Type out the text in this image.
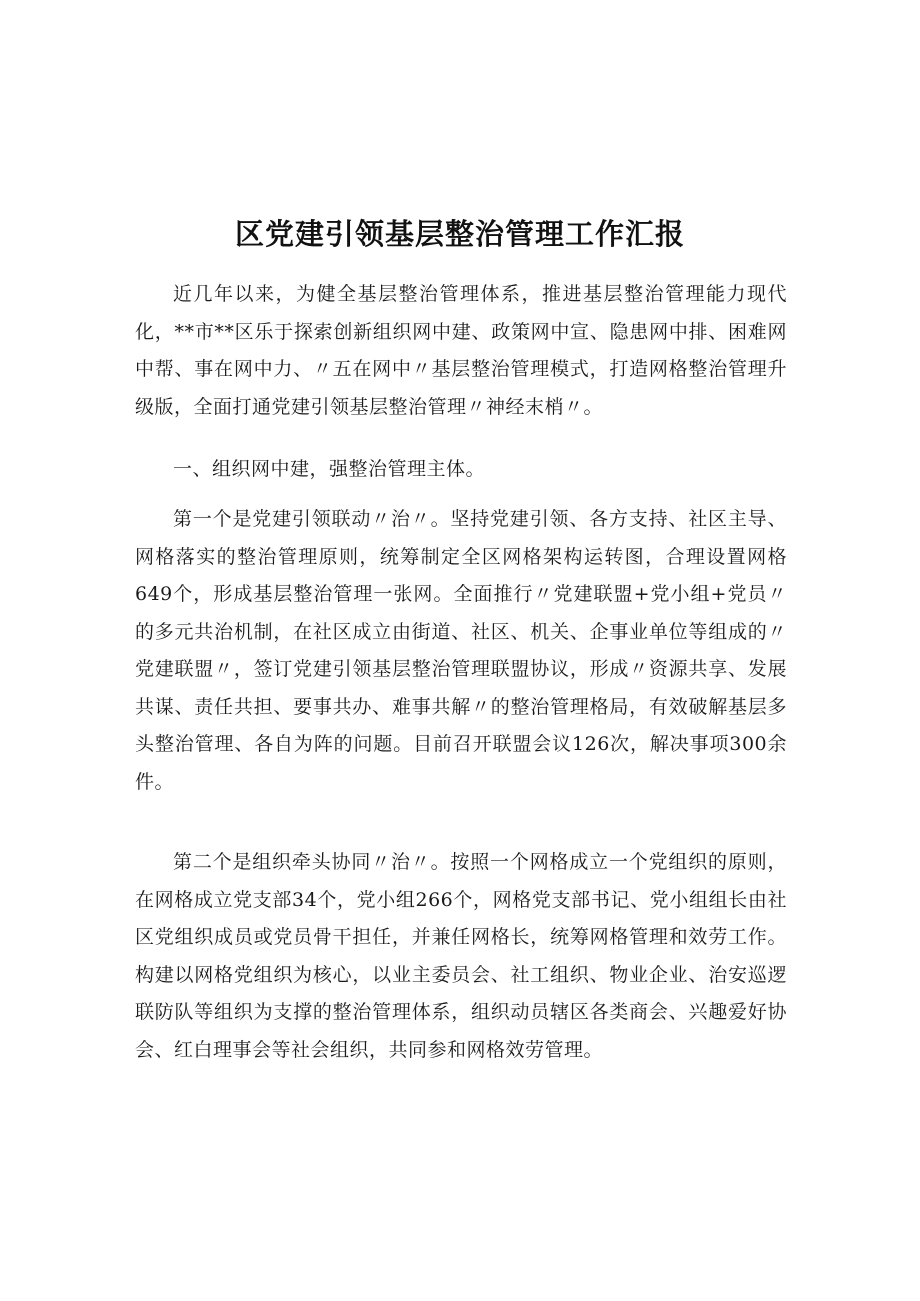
区党建引领基层整治管理工作汇报

近几年以来，为健全基层整治管理体系，推进基层整治管理能力现代化，**市**区乐于探索创新组织网中建、政策网中宣、隐患网中排、困难网中帮、事在网中力、〃五在网中〃基层整治管理模式，打造网格整治管理升级版，全面打通党建引领基层整治管理〃神经末梢〃。

一、组织网中建，强整治管理主体。

第一个是党建引领联动〃治〃。坚持党建引领、各方支持、社区主导、网格落实的整治管理原则，统筹制定全区网格架构运转图，合理设置网格649个，形成基层整治管理一张网。全面推行〃党建联盟+党小组+党员〃的多元共治机制，在社区成立由街道、社区、机关、企事业单位等组成的〃党建联盟〃，签订党建引领基层整治管理联盟协议，形成〃资源共享、发展共谋、责任共担、要事共办、难事共解〃的整治管理格局，有效破解基层多头整治管理、各自为阵的问题。目前召开联盟会议126次，解决事项300余件。

第二个是组织牵头协同〃治〃。按照一个网格成立一个党组织的原则，在网格成立党支部34个，党小组266个，网格党支部书记、党小组组长由社区党组织成员或党员骨干担任，并兼任网格长，统筹网格管理和效劳工作。构建以网格党组织为核心，以业主委员会、社工组织、物业企业、治安巡逻联防队等组织为支撑的整治管理体系，组织动员辖区各类商会、兴趣爱好协会、红白理事会等社会组织，共同参和网格效劳管理。
